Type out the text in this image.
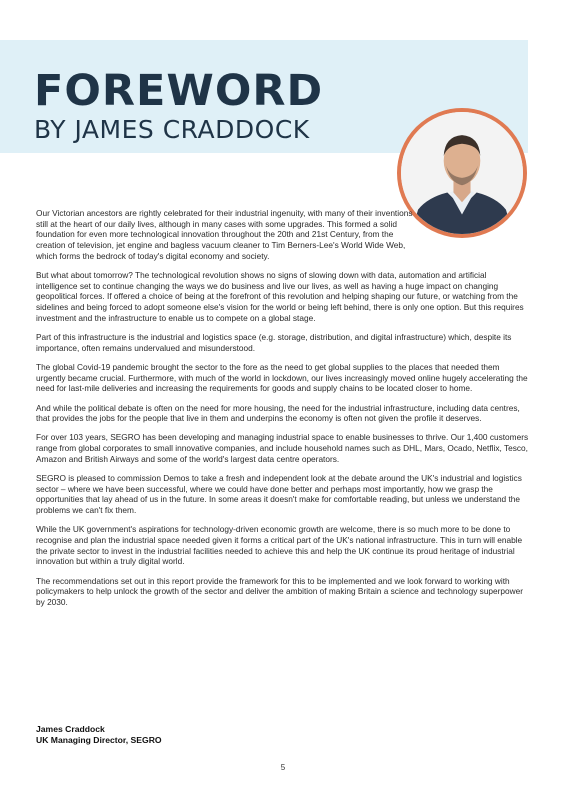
FOREWORD
BY JAMES CRADDOCK

Our Victorian ancestors are rightly celebrated for their industrial ingenuity, with many of their inventions still at the heart of our daily lives, although in many cases with some upgrades. This formed a solid foundation for even more technological innovation throughout the 20th and 21st Century, from the creation of television, jet engine and bagless vacuum cleaner to Tim Berners-Lee's World Wide Web, which forms the bedrock of today's digital economy and society.

But what about tomorrow? The technological revolution shows no signs of slowing down with data, automation and artificial intelligence set to continue changing the ways we do business and live our lives, as well as having a huge impact on changing geopolitical forces. If offered a choice of being at the forefront of this revolution and helping shaping our future, or watching from the sidelines and being forced to adopt someone else's vision for the world or being left behind, there is only one option. But this requires investment and the infrastructure to enable us to compete on a global stage.

Part of this infrastructure is the industrial and logistics space (e.g. storage, distribution, and digital infrastructure) which, despite its importance, often remains undervalued and misunderstood.

The global Covid-19 pandemic brought the sector to the fore as the need to get global supplies to the places that needed them urgently became crucial. Furthermore, with much of the world in lockdown, our lives increasingly moved online hugely accelerating the need for last-mile deliveries and increasing the requirements for goods and supply chains to be located closer to home.

And while the political debate is often on the need for more housing, the need for the industrial infrastructure, including data centres, that provides the jobs for the people that live in them and underpins the economy is often not given the profile it deserves.

For over 103 years, SEGRO has been developing and managing industrial space to enable businesses to thrive. Our 1,400 customers range from global corporates to small innovative companies, and include household names such as DHL, Mars, Ocado, Netflix, Tesco, Amazon and British Airways and some of the world's largest data centre operators.

SEGRO is pleased to commission Demos to take a fresh and independent look at the debate around the UK's industrial and logistics sector – where we have been successful, where we could have done better and perhaps most importantly, how we grasp the opportunities that lay ahead of us in the future. In some areas it doesn't make for comfortable reading, but unless we understand the problems we can't fix them.

While the UK government's aspirations for technology-driven economic growth are welcome, there is so much more to be done to recognise and plan the industrial space needed given it forms a critical part of the UK's national infrastructure. This in turn will enable the private sector to invest in the industrial facilities needed to achieve this and help the UK continue its proud heritage of industrial innovation but within a truly digital world.

The recommendations set out in this report provide the framework for this to be implemented and we look forward to working with policymakers to help unlock the growth of the sector and deliver the ambition of making Britain a science and technology superpower by 2030.

James Craddock
UK Managing Director, SEGRO
5
